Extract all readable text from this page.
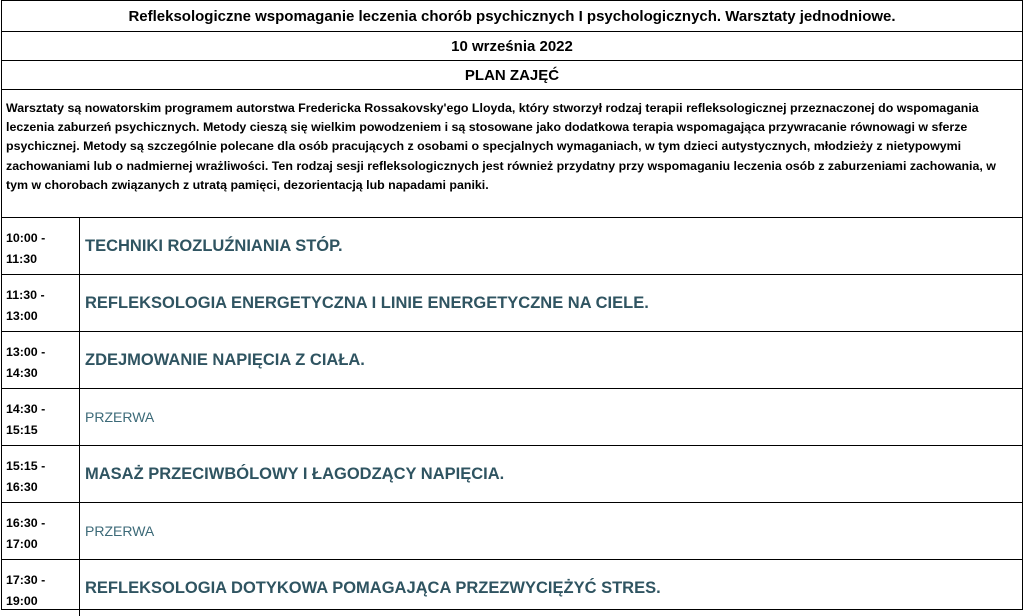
Refleksologiczne wspomaganie leczenia chorób psychicznych I psychologicznych. Warsztaty jednodniowe.
10 września 2022
PLAN ZAJĘĆ
Warsztaty są nowatorskim programem autorstwa Fredericka Rossakovsky'ego Lloyda, który stworzył rodzaj terapii refleksologicznej przeznaczonej do wspomagania leczenia zaburzeń psychicznych. Metody cieszą się wielkim powodzeniem i są stosowane jako dodatkowa terapia wspomagająca przywracanie równowagi w sferze psychicznej. Metody są szczególnie polecane dla osób pracujących z osobami o specjalnych wymaganiach, w tym dzieci autystycznych, młodzieży z nietypowymi zachowaniami lub o nadmiernej wrażliwości. Ten rodzaj sesji refleksologicznych jest również przydatny przy wspomaganiu leczenia osób z zaburzeniami zachowania, w tym w chorobach związanych z utratą pamięci, dezorientacją lub napadami paniki.
10:00 -
11:30
TECHNIKI ROZLUŹNIANIA STÓP.
11:30 -
13:00
REFLEKSOLOGIA ENERGETYCZNA I LINIE ENERGETYCZNE NA CIELE.
13:00 -
14:30
ZDEJMOWANIE NAPIĘCIA Z CIAŁA.
14:30 -
15:15
PRZERWA
15:15 -
16:30
MASAŻ PRZECIWBÓLOWY I ŁAGODZĄCY NAPIĘCIA.
16:30 -
17:00
PRZERWA
17:30 -
19:00
REFLEKSOLOGIA DOTYKOWA POMAGAJĄCA PRZEZWYCIĘŻYĆ STRES.
